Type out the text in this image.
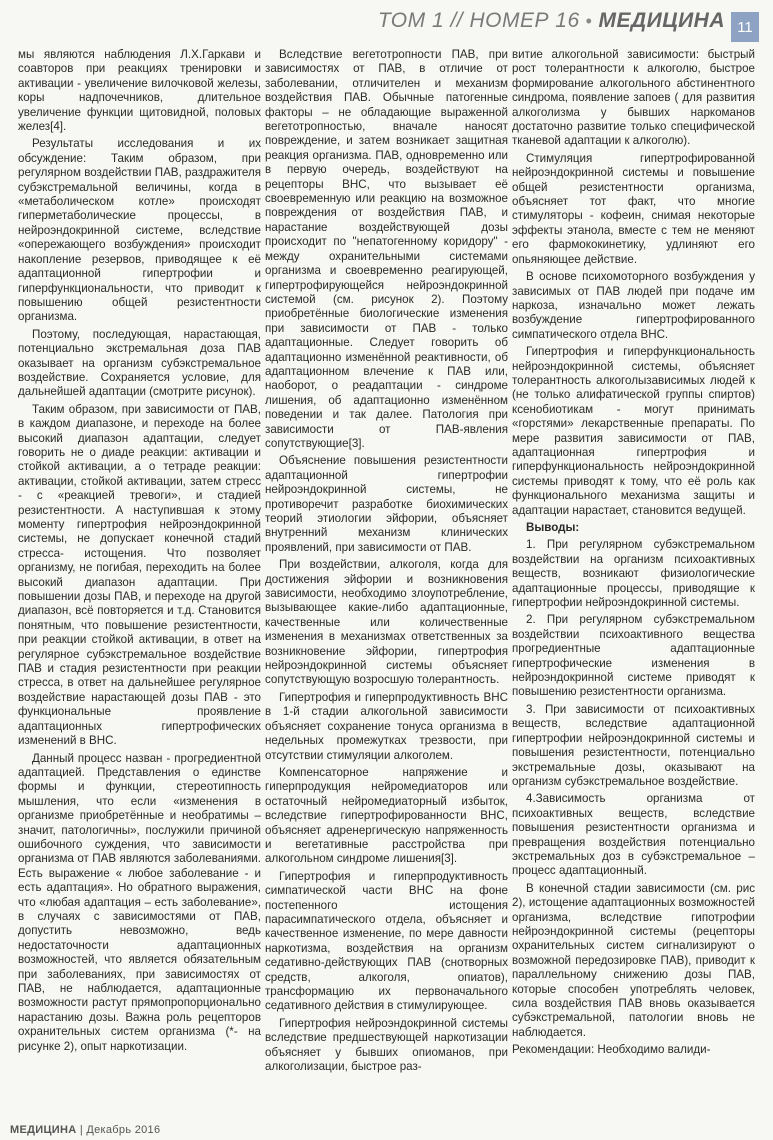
ТОМ 1 // НОМЕР 16 • МЕДИЦИНА 11

мы являются наблюдения Л.Х.Гаркави и соавторов при реакциях тренировки и активации - увеличение вилочковой железы, коры надпочечников, длительное увеличение функции щитовидной, половых желез[4].

Результаты исследования и их обсуждение: Таким образом, при регулярном воздействии ПАВ, раздражителя субэкстремальной величины, когда в «метаболическом котле» происходят гиперметаболические процессы, в нейроэндокринной системе, вследствие «опережающего возбуждения» происходит накопление резервов, приводящее к её адаптационной гипертрофии и гиперфункциональности, что приводит к повышению общей резистентности организма.

Поэтому, последующая, нарастающая, потенциально экстремальная доза ПАВ оказывает на организм субэкстремальное воздействие. Сохраняется условие, для дальнейшей адаптации (смотрите рисунок).

Таким образом, при зависимости от ПАВ, в каждом диапазоне, и переходе на более высокий диапазон адаптации, следует говорить не о диаде реакции: активации и стойкой активации, а о тетраде реакции: активации, стойкой активации, затем стресс - с «реакцией тревоги», и стадией резистентности. А наступившая к этому моменту гипертрофия нейроэндокринной системы, не допускает конечной стадий стресса- истощения. Что позволяет организму, не погибая, переходить на более высокий диапазон адаптации. При повышении дозы ПАВ, и переходе на другой диапазон, всё повторяется и т.д. Становится понятным, что повышение резистентности, при реакции стойкой активации, в ответ на регулярное субэкстремальное воздействие ПАВ и стадия резистентности при реакции стресса, в ответ на дальнейшее регулярное воздействие нарастающей дозы ПАВ - это функциональные проявление адаптационных гипертрофических изменений в ВНС.

Данный процесс назван - прогредиентной адаптацией. Представления о единстве формы и функции, стереотипность мышления, что если «изменения в организме приобретённые и необратимы – значит, патологичны», послужили причиной ошибочного суждения, что зависимости организма от ПАВ являются заболеваниями. Есть выражение « любое заболевание - и есть адаптация». Но обратного выражения, что «любая адаптация – есть заболевание», в случаях с зависимостями от ПАВ, допустить невозможно, ведь недостаточности адаптационных возможностей, что является обязательным при заболеваниях, при зависимостях от ПАВ, не наблюдается, адаптационные возможности растут прямопропорционально нарастанию дозы. Важна роль рецепторов охранительных систем организма (*- на рисунке 2), опыт наркотизации.

Вследствие вегетотропности ПАВ, при зависимостях от ПАВ, в отличие от заболевании, отличителен и механизм воздействия ПАВ. Обычные патогенные факторы – не обладающие выраженной вегетотропностью, вначале наносят повреждение, и затем возникает защитная реакция организма. ПАВ, одновременно или в первую очередь, воздействуют на рецепторы ВНС, что вызывает её своевременную или реакцию на возможное повреждения от воздействия ПАВ, и нарастание воздействующей дозы происходит по "непатогенному коридору" - между охранительными системами организма и своевременно реагирующей, гипертрофирующейся нейроэндокринной системой (см. рисунок 2). Поэтому приобретённые биологические изменения при зависимости от ПАВ - только адаптационные. Следует говорить об адаптационно изменённой реактивности, об адаптационном влечение к ПАВ или, наоборот, о реадаптации - синдроме лишения, об адаптационно изменённом поведении и так далее. Патология при зависимости от ПАВ-явления сопутствующие[3].

Объяснение повышения резистентности адаптационной гипертрофии нейроэндокринной системы, не противоречит разработке биохимических теорий этиологии эйфории, объясняет внутренний механизм клинических проявлений, при зависимости от ПАВ.

При воздействии, алкоголя, когда для достижения эйфории и возникновения зависимости, необходимо злоупотребление, вызывающее какие-либо адаптационные, качественные или количественные изменения в механизмах ответственных за возникновение эйфории, гипертрофия нейроэндокринной системы объясняет сопутствующую возросшую толерантность.

Гипертрофия и гиперпродуктивность ВНС в 1-й стадии алкогольной зависимости объясняет сохранение тонуса организма в недельных промежутках трезвости, при отсутствии стимуляции алкоголем.

Компенсаторное напряжение и гиперпродукция нейромедиаторов или остаточный нейромедиаторный избыток, вследствие гипертрофированности ВНС, объясняет адренергическую напряженность и вегетативные расстройства при алкогольном синдроме лишения[3].

Гипертрофия и гиперпродуктивность симпатической части ВНС на фоне постепенного истощения парасимпатического отдела, объясняет и качественное изменение, по мере давности наркотизма, воздействия на организм седативно-действующих ПАВ (снотворных средств, алкоголя, опиатов), трансформацию их первоначального седативного действия в стимулирующее.

Гипертрофия нейроэндокринной системы вследствие предшествующей наркотизации объясняет у бывших опиоманов, при алкоголизации, быстрое раз-

витие алкогольной зависимости: быстрый рост толерантности к алкоголю, быстрое формирование алкогольного абстинентного синдрома, появление запоев ( для развития алкоголизма у бывших наркоманов достаточно развитие только специфической тканевой адаптации к алкоголю).

Стимуляция гипертрофированной нейроэндокринной системы и повышение общей резистентности организма, объясняет тот факт, что многие стимуляторы - кофеин, снимая некоторые эффекты этанола, вместе с тем не меняют его фармококинетику, удлиняют его опьяняющее действие.

В основе психомоторного возбуждения у зависимых от ПАВ людей при подаче им наркоза, изначально может лежать возбуждение гипертрофированного симпатического отдела ВНС.

Гипертрофия и гиперфункциональность нейроэндокринной системы, объясняет толерантность алкоголызависимых людей к (не только алифатической группы спиртов) ксенобиотикам - могут принимать «горстями» лекарственные препараты. По мере развития зависимости от ПАВ, адаптационная гипертрофия и гиперфункциональность нейроэндокринной системы приводят к тому, что её роль как функционального механизма защиты и адаптации нарастает, становится ведущей.

Выводы:

1. При регулярном субэкстремальном воздействии на организм психоактивных веществ, возникают физиологические адаптационные процессы, приводящие к гипертрофии нейроэндокринной системы.

2. При регулярном субэкстремальном воздействии психоактивного вещества прогредиентные адаптационные гипертрофические изменения в нейроэндокринной системе приводят к повышению резистентности организма.

3. При зависимости от психоактивных веществ, вследствие адаптационной гипертрофии нейроэндокринной системы и повышения резистентности, потенциально экстремальные дозы, оказывают на организм субэкстремальное воздействие.

4.Зависимость организма от психоактивных веществ, вследствие повышения резистентности организма и превращения воздействия потенциально экстремальных доз в субэкстремальное – процесс адаптационный.

В конечной стадии зависимости (см. рис 2), истощение адаптационных возможностей организма, вследствие гипотрофии нейроэндокринной системы (рецепторы охранительных систем сигнализируют о возможной передозировке ПАВ), приводит к параллельному снижению дозы ПАВ, которые способен употреблять человек, сила воздействия ПАВ вновь оказывается субэкстремальной, патологии вновь не наблюдается.

Рекомендации: Необходимо валиди-

МЕДИЦИНА | Декабрь 2016
